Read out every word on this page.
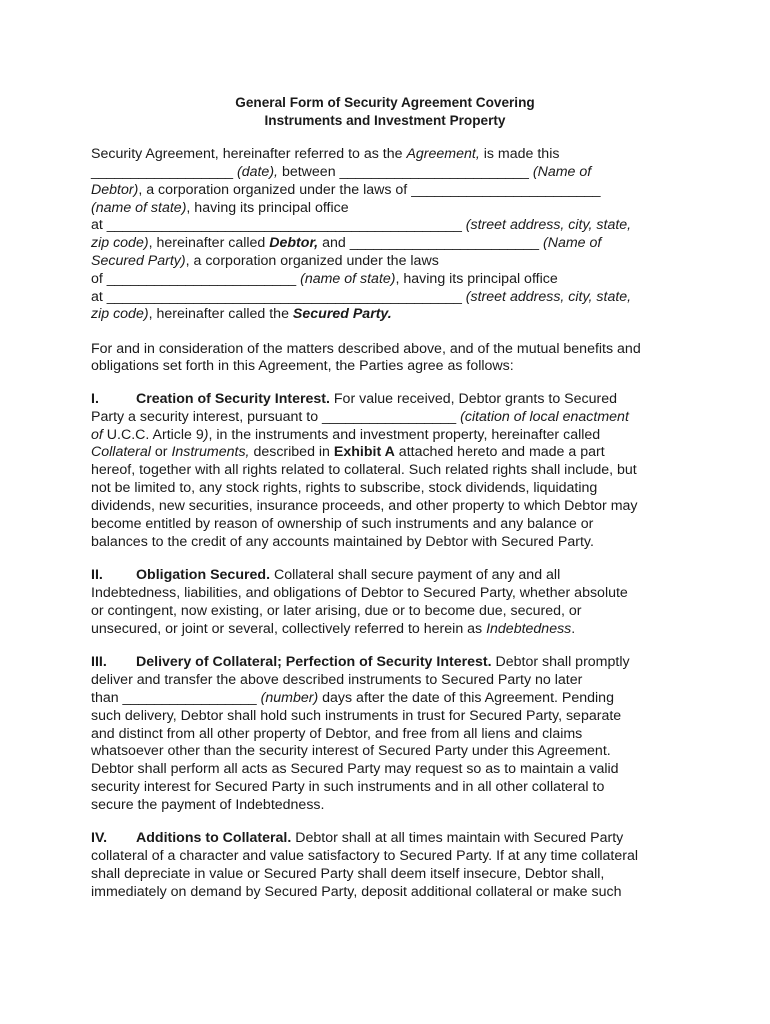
General Form of Security Agreement Covering
Instruments and Investment Property
Security Agreement, hereinafter referred to as the Agreement, is made this
__________________ (date), between ________________________ (Name of
Debtor), a corporation organized under the laws of ________________________
(name of state), having its principal office
at _____________________________________________ (street address, city, state,
zip code), hereinafter called Debtor, and ________________________ (Name of
Secured Party), a corporation organized under the laws
of ________________________ (name of state), having its principal office
at _____________________________________________ (street address, city, state,
zip code), hereinafter called the Secured Party.
For and in consideration of the matters described above, and of the mutual benefits and
obligations set forth in this Agreement, the Parties agree as follows:
I.	Creation of Security Interest. For value received, Debtor grants to Secured
Party a security interest, pursuant to _________________ (citation of local enactment
of U.C.C. Article 9), in the instruments and investment property, hereinafter called
Collateral or Instruments, described in Exhibit A attached hereto and made a part
hereof, together with all rights related to collateral. Such related rights shall include, but
not be limited to, any stock rights, rights to subscribe, stock dividends, liquidating
dividends, new securities, insurance proceeds, and other property to which Debtor may
become entitled by reason of ownership of such instruments and any balance or
balances to the credit of any accounts maintained by Debtor with Secured Party.
II. Obligation Secured. Collateral shall secure payment of any and all
Indebtedness, liabilities, and obligations of Debtor to Secured Party, whether absolute
or contingent, now existing, or later arising, due or to become due, secured, or
unsecured, or joint or several, collectively referred to herein as Indebtedness.
III. Delivery of Collateral; Perfection of Security Interest. Debtor shall promptly
deliver and transfer the above described instruments to Secured Party no later
than _________________ (number) days after the date of this Agreement. Pending
such delivery, Debtor shall hold such instruments in trust for Secured Party, separate
and distinct from all other property of Debtor, and free from all liens and claims
whatsoever other than the security interest of Secured Party under this Agreement.
Debtor shall perform all acts as Secured Party may request so as to maintain a valid
security interest for Secured Party in such instruments and in all other collateral to
secure the payment of Indebtedness.
IV. Additions to Collateral. Debtor shall at all times maintain with Secured Party
collateral of a character and value satisfactory to Secured Party. If at any time collateral
shall depreciate in value or Secured Party shall deem itself insecure, Debtor shall,
immediately on demand by Secured Party, deposit additional collateral or make such
